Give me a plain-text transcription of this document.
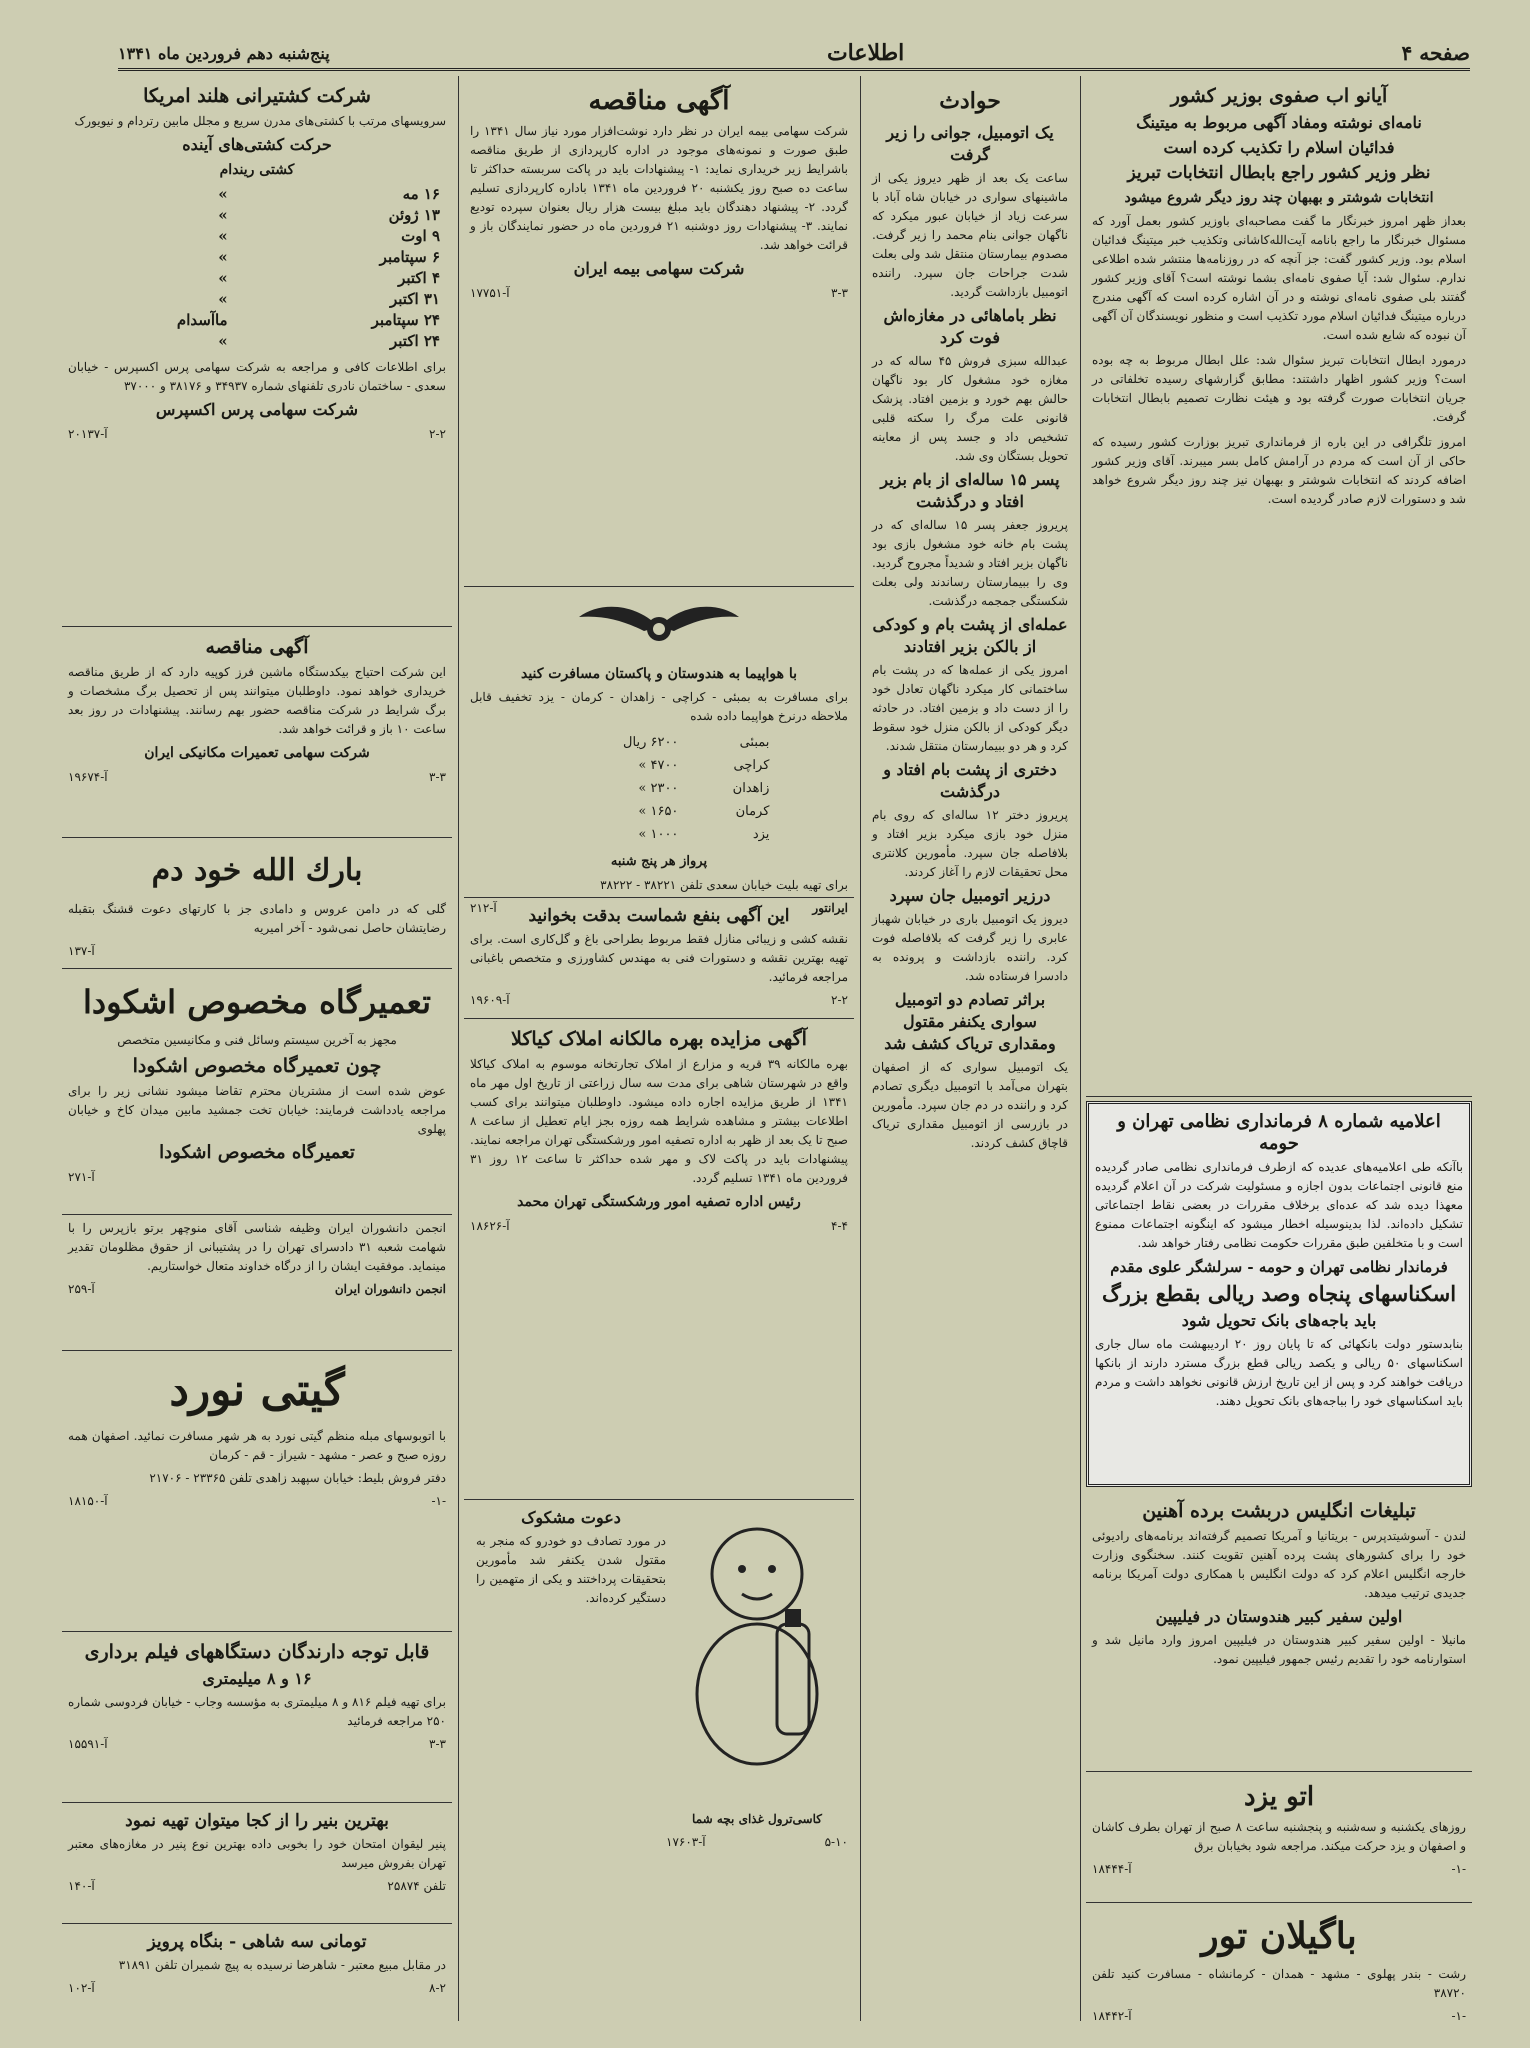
صفحه ۴
اطلاعات
پنج‌شنبه دهم فروردین ماه ۱۳۴۱
آیانو اب صفوی بوزیر کشور
نامه‌ای نوشته ومفاد آگهی مربوط به میتینگ
فدائیان اسلام را تکذیب کرده است
نظر وزیر کشور راجع بابطال انتخابات تبریز
انتخابات شوشتر و بهبهان چند روز دیگر شروع میشود
بعداز ظهر امروز خبرنگار ما گفت مصاحبه‌ای باوزیر کشور بعمل آورد که مسئوال خبرنگار ما راجع بانامه آیت‌الله‌کاشانی وتکذیب خبر میتینگ فدائیان اسلام بود. وزیر کشور گفت: جز آنچه که در روزنامه‌ها منتشر شده اطلاعی ندارم. سئوال شد: آیا صفوی نامه‌ای بشما نوشته است؟ آقای وزیر کشور گفتند بلی صفوی نامه‌ای نوشته و در آن اشاره کرده است که آگهی مندرج درباره میتینگ فدائیان اسلام مورد تکذیب است و منظور نویسندگان آن آگهی آن نبوده که شایع شده است.
درمورد ابطال انتخابات تبریز سئوال شد: علل ابطال مربوط به چه بوده است؟ وزیر کشور اظهار داشتند: مطابق گزارشهای رسیده تخلفاتی در جریان انتخابات صورت گرفته بود و هیئت نظارت تصمیم بابطال انتخابات گرفت.
امروز تلگرافی در این باره از فرمانداری تبریز بوزارت کشور رسیده که حاکی از آن است که مردم در آرامش کامل بسر میبرند. آقای وزیر کشور اضافه کردند که انتخابات شوشتر و بهبهان نیز چند روز دیگر شروع خواهد شد و دستورات لازم صادر گردیده است.
اعلامیه شماره ۸ فرمانداری نظامی تهران و حومه
باآنکه طی اعلامیه‌های عدیده که ازطرف فرمانداری نظامی صادر گردیده منع قانونی اجتماعات بدون اجازه و مسئولیت شرکت در آن اعلام گردیده معهذا دیده شد که عده‌ای برخلاف مقررات در بعضی نقاط اجتماعاتی تشکیل داده‌اند. لذا بدینوسیله اخطار میشود که اینگونه اجتماعات ممنوع است و با متخلفین طبق مقررات حکومت نظامی رفتار خواهد شد.
فرماندار نظامی تهران و حومه - سرلشگر علوی مقدم
اسکناسهای پنجاه وصد ریالی بقطع بزرگ
باید باجه‌های بانک تحویل شود
بنابدستور دولت بانکهائی که تا پایان روز ۲۰ اردیبهشت ماه سال جاری اسکناسهای ۵۰ ریالی و یکصد ریالی قطع بزرگ مسترد دارند از بانکها دریافت خواهند کرد و پس از این تاریخ ارزش قانونی نخواهد داشت و مردم باید اسکناسهای خود را بباجه‌های بانک تحویل دهند.
تبلیغات انگلیس دربشت برده آهنین
لندن - آسوشیتدپرس - بریتانیا و آمریکا تصمیم گرفته‌اند برنامه‌های رادیوئی خود را برای کشورهای پشت پرده آهنین تقویت کنند. سخنگوی وزارت خارجه انگلیس اعلام کرد که دولت انگلیس با همکاری دولت آمریکا برنامه جدیدی ترتیب میدهد.
اولین سفیر کبیر هندوستان در فیلیپین
مانیلا - اولین سفیر کبیر هندوستان در فیلیپین امروز وارد مانیل شد و استوارنامه خود را تقدیم رئیس جمهور فیلیپین نمود.
اتو یزد
روزهای یکشنبه و سه‌شنبه و پنجشنبه ساعت ۸ صبح از تهران بطرف کاشان و اصفهان و یزد حرکت میکند. مراجعه شود بخیابان برق
آ-۱۸۴۴۴	-۱-
باگیلان تور
رشت - بندر پهلوی - مشهد - همدان - کرمانشاه - مسافرت کنید تلفن ۳۸۷۲۰
آ-۱۸۴۴۲	-۱-
حوادث
یک اتومبیل، جوانی را زیر گرفت
ساعت یک بعد از ظهر دیروز یکی از ماشینهای سواری در خیابان شاه آباد با سرعت زیاد از خیابان عبور میکرد که ناگهان جوانی بنام محمد را زیر گرفت. مصدوم بیمارستان منتقل شد ولی بعلت شدت جراحات جان سپرد. راننده اتومبیل بازداشت گردید.
نظر باماهائی در مغازه‌اش فوت کرد
عبدالله سبزی فروش ۴۵ ساله که در مغازه خود مشغول کار بود ناگهان حالش بهم خورد و بزمین افتاد. پزشک قانونی علت مرگ را سکته قلبی تشخیص داد و جسد پس از معاینه تحویل بستگان وی شد.
پسر ۱۵ ساله‌ای از بام بزیر افتاد و درگذشت
پریروز جعفر پسر ۱۵ ساله‌ای که در پشت بام خانه خود مشغول بازی بود ناگهان بزیر افتاد و شدیداً مجروح گردید. وی را ببیمارستان رساندند ولی بعلت شکستگی جمجمه درگذشت.
عمله‌ای از پشت بام و کودکی از بالکن بزیر افتادند
امروز یکی از عمله‌ها که در پشت بام ساختمانی کار میکرد ناگهان تعادل خود را از دست داد و بزمین افتاد. در حادثه دیگر کودکی از بالکن منزل خود سقوط کرد و هر دو ببیمارستان منتقل شدند.
دختری از پشت بام افتاد و درگذشت
پریروز دختر ۱۲ ساله‌ای که روی بام منزل خود بازی میکرد بزیر افتاد و بلافاصله جان سپرد. مأمورین کلانتری محل تحقیقات لازم را آغاز کردند.
درزیر اتومبیل جان سپرد
دیروز یک اتومبیل باری در خیابان شهباز عابری را زیر گرفت که بلافاصله فوت کرد. راننده بازداشت و پرونده به دادسرا فرستاده شد.
براثر تصادم دو اتومبیل سواری یکنفر مقتول ومقداری تریاک کشف شد
یک اتومبیل سواری که از اصفهان بتهران می‌آمد با اتومبیل دیگری تصادم کرد و راننده در دم جان سپرد. مأمورین در بازرسی از اتومبیل مقداری تریاک قاچاق کشف کردند.
آگهی مناقصه
شرکت سهامی بیمه ایران در نظر دارد نوشت‌افزار مورد نیاز سال ۱۳۴۱ را طبق صورت و نمونه‌های موجود در اداره کارپردازی از طریق مناقصه باشرایط زیر خریداری نماید: ۱- پیشنهادات باید در پاکت سربسته حداکثر تا ساعت ده صبح روز یکشنبه ۲۰ فروردین ماه ۱۳۴۱ باداره کارپردازی تسلیم گردد. ۲- پیشنهاد دهندگان باید مبلغ بیست هزار ریال بعنوان سپرده تودیع نمایند. ۳- پیشنهادات روز دوشنبه ۲۱ فروردین ماه در حضور نمایندگان باز و قرائت خواهد شد.
شرکت سهامی بیمه ایران
آ-۱۷۷۵۱	۳-۳
با هواپیما به هندوستان و پاکستان مسافرت کنید
برای مسافرت به بمبئی - کراچی - زاهدان - کرمان - یزد تخفیف قابل ملاحظه درنرخ هواپیما داده شده
بمبئی	۶۲۰۰ ریال
کراچی	۴۷۰۰ »
زاهدان	۲۳۰۰ »
کرمان	۱۶۵۰ »
یزد	۱۰۰۰ »
پرواز هر پنج شنبه
برای تهیه بلیت خیابان سعدی تلفن ۳۸۲۲۱ - ۳۸۲۲۲
آ-۲۱۲	ایرانتور
این آگهی بنفع شماست بدقت بخوانید
نقشه کشی و زیبائی منازل فقط مربوط بطراحی باغ و گل‌کاری است. برای تهیه بهترین نقشه و دستورات فنی به مهندس کشاورزی و متخصص باغبانی مراجعه فرمائید.
آ-۱۹۶۰۹	۲-۲
آگهی مزایده بهره مالکانه املاک کیاکلا
بهره مالکانه ۳۹ قریه و مزارع از املاک تجارتخانه موسوم به املاک کیاکلا واقع در شهرستان شاهی برای مدت سه سال زراعتی از تاریخ اول مهر ماه ۱۳۴۱ از طریق مزایده اجاره داده میشود. داوطلبان میتوانند برای کسب اطلاعات بیشتر و مشاهده شرایط همه روزه بجز ایام تعطیل از ساعت ۸ صبح تا یک بعد از ظهر به اداره تصفیه امور ورشکستگی تهران مراجعه نمایند. پیشنهادات باید در پاکت لاک و مهر شده حداکثر تا ساعت ۱۲ روز ۳۱ فروردین ماه ۱۳۴۱ تسلیم گردد.
رئیس اداره تصفیه امور ورشکستگی تهران محمد
آ-۱۸۶۲۶	۴-۴
دعوت مشکوک
در مورد تصادف دو خودرو که منجر به مقتول شدن یکنفر شد مأمورین بتحقیقات پرداختند و یکی از متهمین را دستگیر کرده‌اند.
کاسی‌ترول غذای بچه شما
آ-۱۷۶۰۳	۵-۱۰
شرکت کشتیرانی هلند امریکا
سرویسهای مرتب با کشتی‌های مدرن سریع و مجلل مابین رتردام و نیویورک
حرکت کشتی‌های آینده
کشتی ریندام
۱۶ مه	»
۱۳ ژوئن	»
۹ اوت	»
۶ سپتامبر	»
۴ اکتبر	»
۳۱ اکتبر	»
۲۴ سپتامبر	ماآسدام
۲۴ اکتبر	»
برای اطلاعات کافی و مراجعه به شرکت سهامی پرس اکسپرس - خیابان سعدی - ساختمان نادری تلفنهای شماره ۳۴۹۳۷ و ۳۸۱۷۶ و ۳۷۰۰۰
شرکت سهامی پرس اکسپرس
آ-۲۰۱۳۷	۲-۲
آگهی مناقصه
این شرکت احتیاج بیکدستگاه ماشین فرز کوپیه دارد که از طریق مناقصه خریداری خواهد نمود. داوطلبان میتوانند پس از تحصیل برگ مشخصات و برگ شرایط در شرکت مناقصه حضور بهم رسانند. پیشنهادات در روز بعد ساعت ۱۰ باز و قرائت خواهد شد.
شرکت سهامی تعمیرات مکانیکی ایران
آ-۱۹۶۷۴	۳-۳
بارك الله خود دم
گلی که در دامن عروس و دامادی جز با کارتهای دعوت قشنگ بتقبله رضایتشان حاصل نمی‌شود - آخر امیریه
آ-۱۳۷
تعمیرگاه مخصوص اشکودا
مجهز به آخرین سیستم وسائل فنی و مکانیسین متخصص
چون تعمیرگاه مخصوص اشکودا
عوض شده است از مشتریان محترم تقاضا میشود نشانی زیر را برای مراجعه یادداشت فرمایند: خیابان تخت جمشید مابین میدان کاخ و خیابان پهلوی
تعمیرگاه مخصوص اشکودا
آ-۲۷۱
انجمن دانشوران ایران وظیفه شناسی آقای منوچهر برتو بازپرس را با شهامت شعبه ۳۱ دادسرای تهران را در پشتیبانی از حقوق مظلومان تقدیر مینماید. موفقیت ایشان را از درگاه خداوند متعال خواستاریم.
آ-۲۵۹	انجمن دانشوران ایران
گیتی نورد
با اتوبوسهای مبله منظم گیتی نورد به هر شهر مسافرت نمائید. اصفهان همه روزه صبح و عصر - مشهد - شیراز - قم - کرمان
دفتر فروش بلیط: خیابان سپهبد زاهدی تلفن ۲۳۳۶۵ - ۲۱۷۰۶
آ-۱۸۱۵۰	-۱-
قابل توجه دارندگان دستگاههای فیلم برداری
۱۶ و ۸ میلیمتری
برای تهیه فیلم ۸۱۶ و ۸ میلیمتری به مؤسسه وجاب - خیابان فردوسی شماره ۲۵۰ مراجعه فرمائید
آ-۱۵۵۹۱	۳-۳
بهترین بنیر را از کجا میتوان تهیه نمود
پنیر لیقوان امتحان خود را بخوبی داده بهترین نوع پنیر در مغازه‌های معتبر تهران بفروش میرسد
آ-۱۴۰	تلفن ۲۵۸۷۴
تومانی سه شاهی - بنگاه پرویز
در مقابل مبیع معتبر - شاهرضا نرسیده به پیچ شمیران تلفن ۳۱۸۹۱
آ-۱۰۲	۸-۲
